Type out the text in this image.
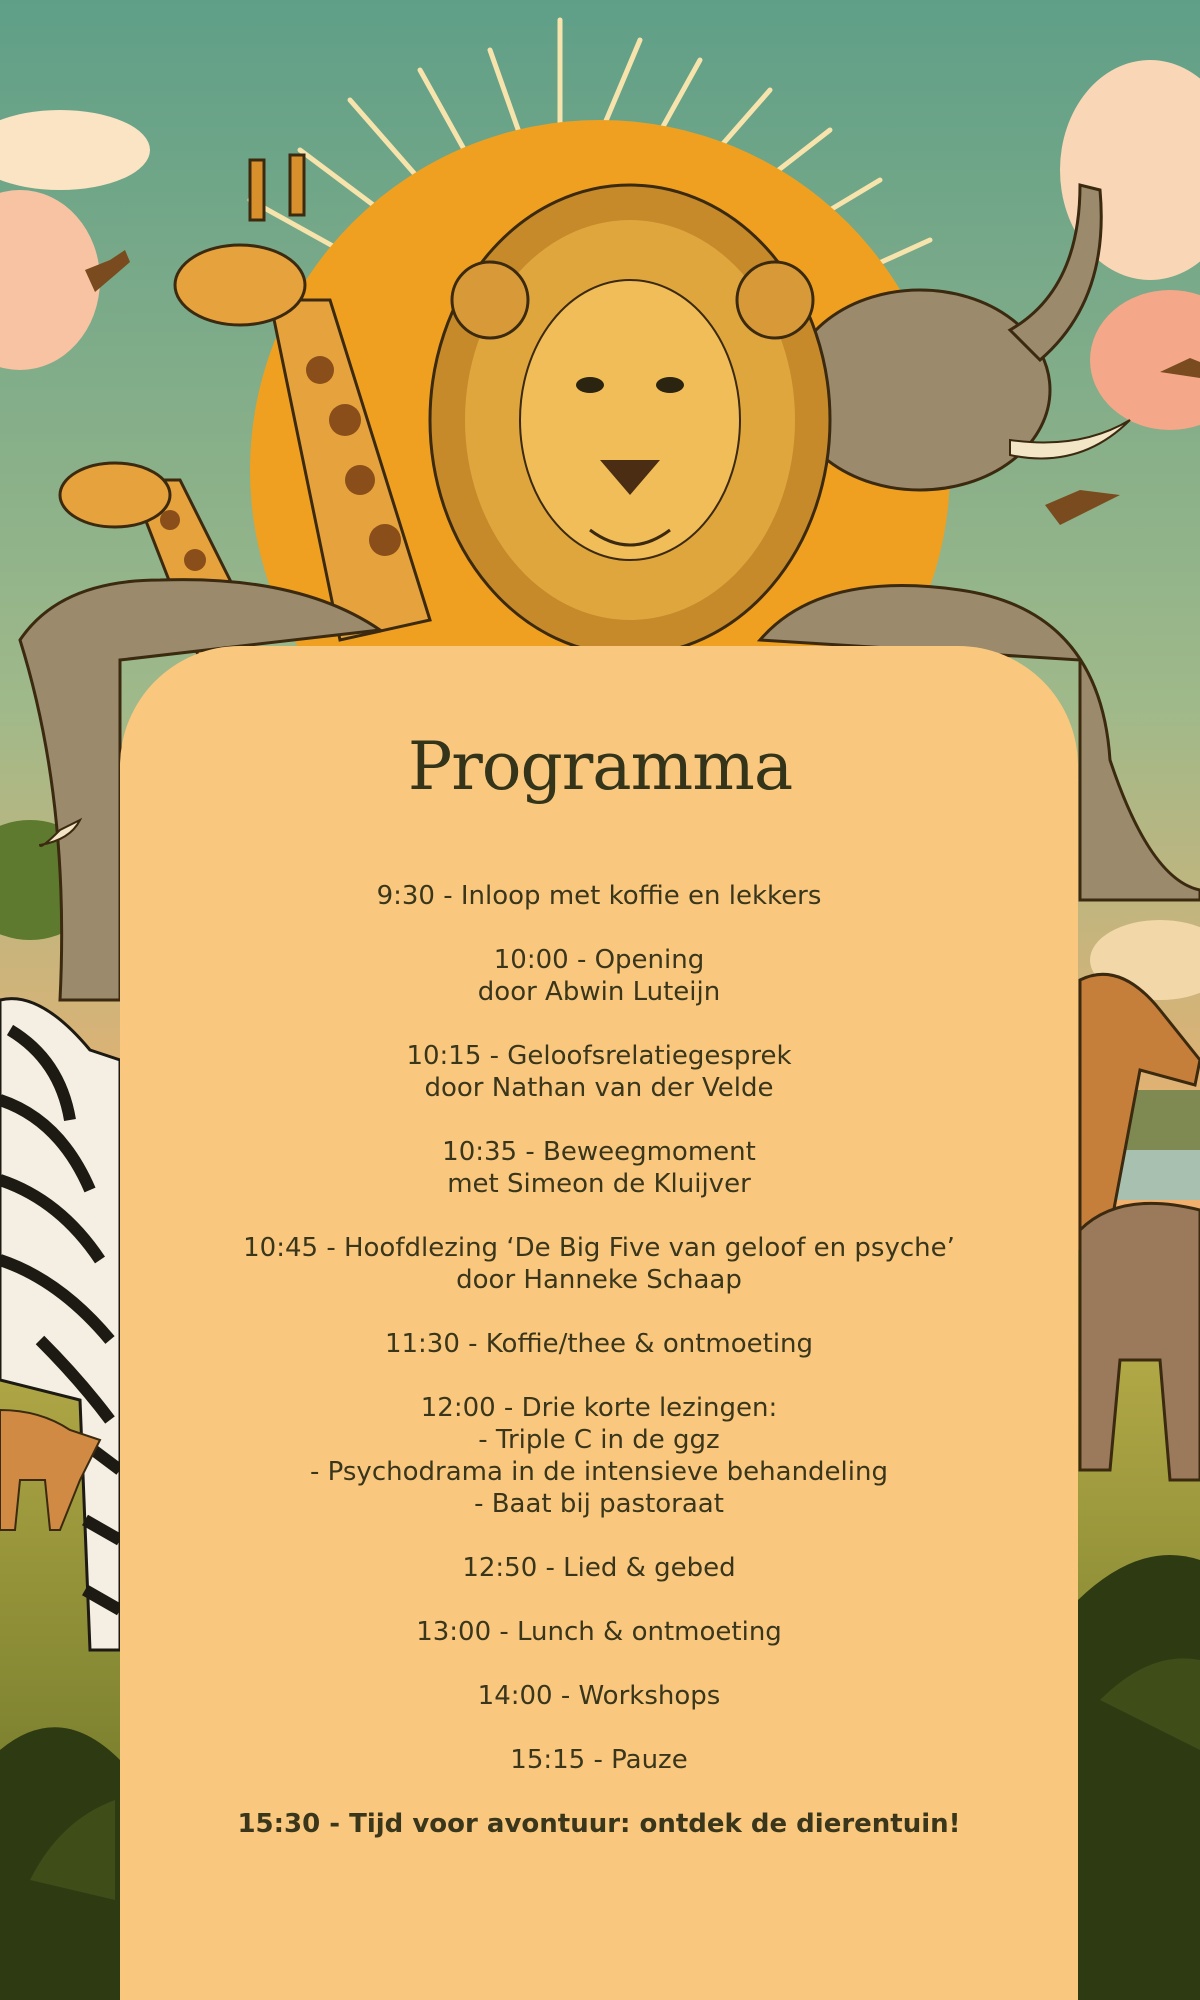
Programma
9:30 - Inloop met koffie en lekkers
10:00 - Opening
door Abwin Luteijn
10:15 - Geloofsrelatiegesprek
door Nathan van der Velde
10:35 - Beweegmoment
met Simeon de Kluijver
10:45 - Hoofdlezing ‘De Big Five van geloof en psyche’
door Hanneke Schaap
11:30 - Koffie/thee & ontmoeting
12:00 - Drie korte lezingen:
- Triple C in de ggz
- Psychodrama in de intensieve behandeling
- Baat bij pastoraat
12:50 - Lied & gebed
13:00 - Lunch & ontmoeting
14:00 - Workshops
15:15 - Pauze
15:30 - Tijd voor avontuur: ontdek de dierentuin!
